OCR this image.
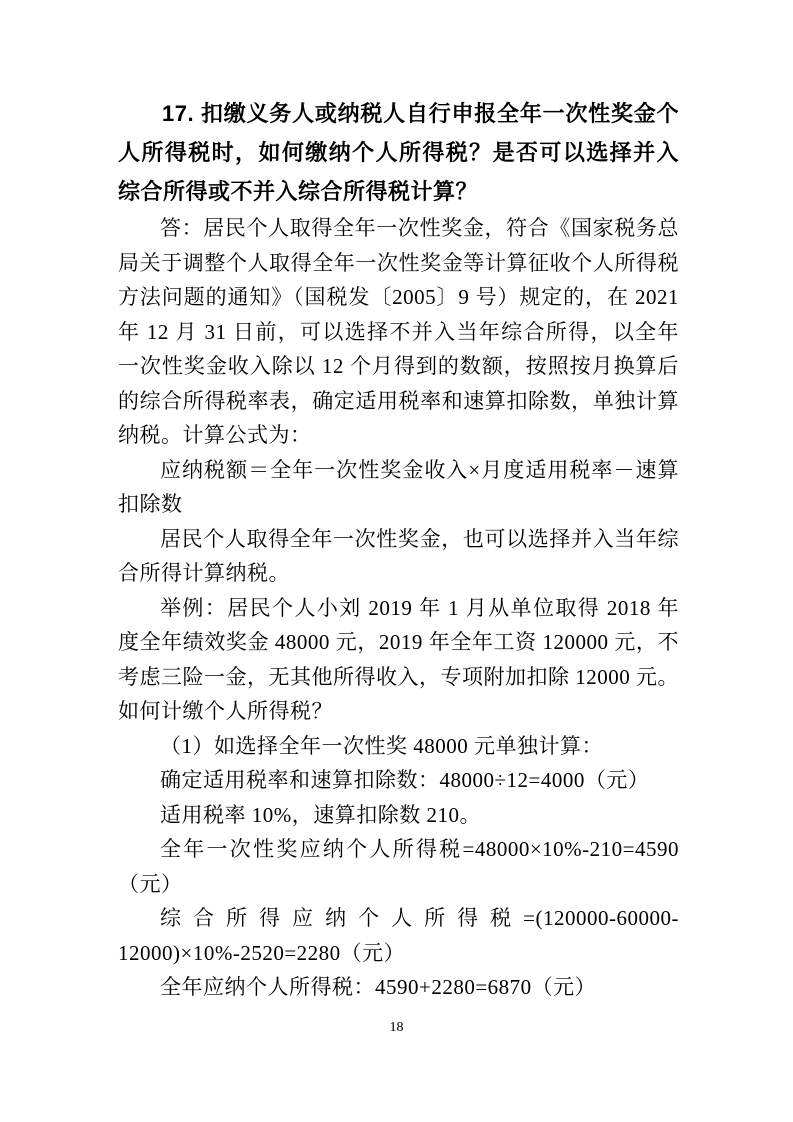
17. 扣缴义务人或纳税人自行申报全年一次性奖金个人所得税时，如何缴纳个人所得税？是否可以选择并入综合所得或不并入综合所得税计算？

答：居民个人取得全年一次性奖金，符合《国家税务总局关于调整个人取得全年一次性奖金等计算征收个人所得税方法问题的通知》（国税发〔2005〕9 号）规定的，在 2021 年 12 月 31 日前，可以选择不并入当年综合所得，以全年一次性奖金收入除以 12 个月得到的数额，按照按月换算后的综合所得税率表，确定适用税率和速算扣除数，单独计算纳税。计算公式为：

应纳税额＝全年一次性奖金收入×月度适用税率－速算扣除数

居民个人取得全年一次性奖金，也可以选择并入当年综合所得计算纳税。

举例：居民个人小刘 2019 年 1 月从单位取得 2018 年度全年绩效奖金 48000 元，2019 年全年工资 120000 元，不考虑三险一金，无其他所得收入，专项附加扣除 12000 元。如何计缴个人所得税？

（1）如选择全年一次性奖 48000 元单独计算：

确定适用税率和速算扣除数：48000÷12=4000（元）

适用税率 10%，速算扣除数 210。

全年一次性奖应纳个人所得税=48000×10%-210=4590（元）

综合所得应纳个人所得税=(120000-60000-12000)×10%-2520=2280（元）

全年应纳个人所得税：4590+2280=6870（元）

18
